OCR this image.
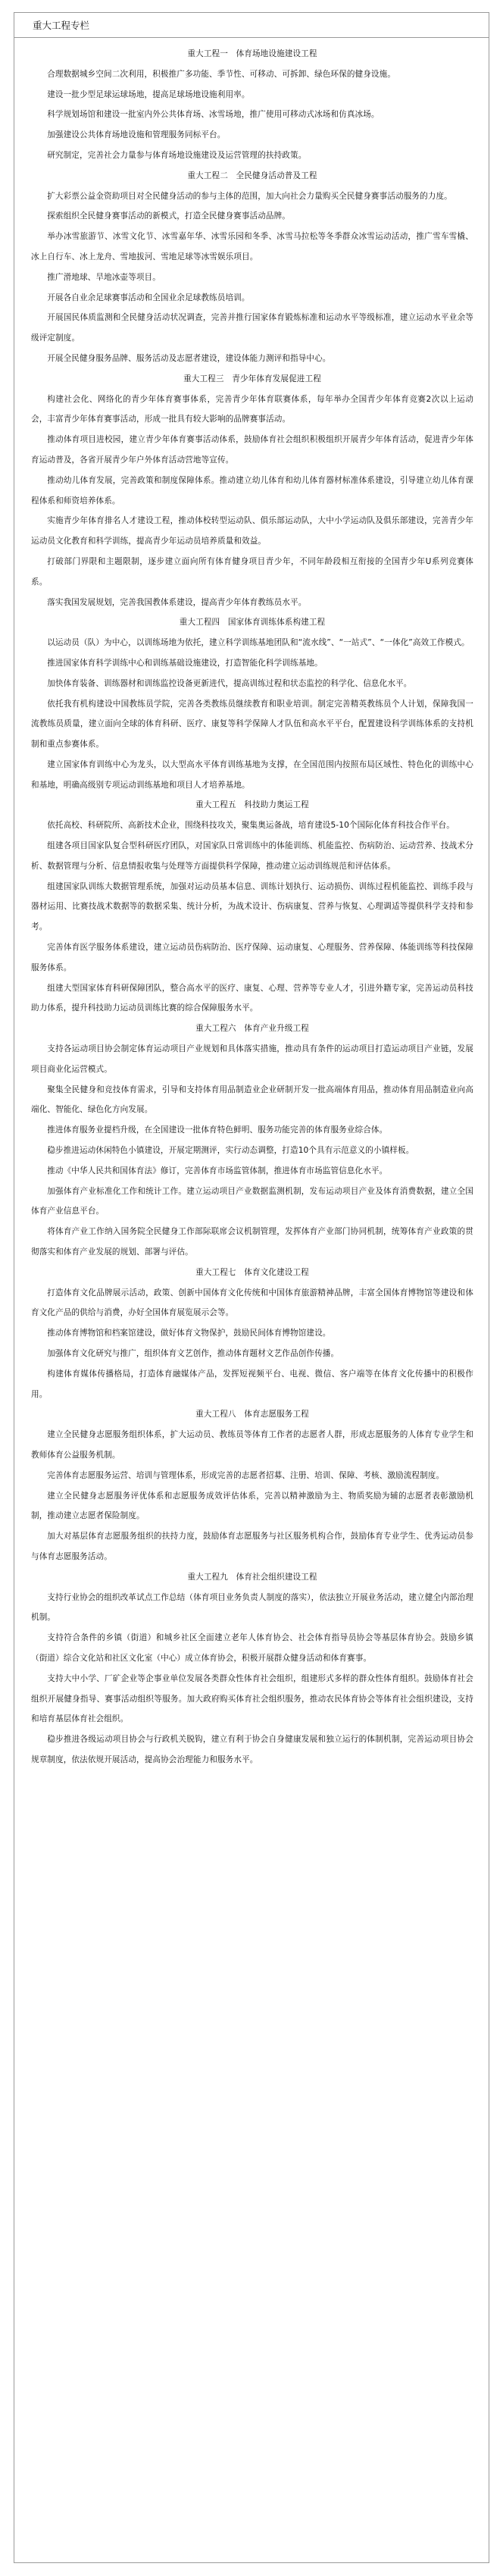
重大工程专栏

重大工程一　体育场地设施建设工程

合理数据城乡空间二次利用，积极推广多功能、季节性、可移动、可拆卸、绿色环保的健身设施。

建设一批少型足球运球场地，提高足球场地设施利用率。

科学规划场馆和建设一批室内外公共体育场、冰雪场地，推广使用可移动式冰场和仿真冰场。

加强建设公共体育场地设施和管理服务同标平台。

研究制定，完善社会力量参与体育场地设施建设及运营管理的扶持政策。

重大工程二　全民健身活动普及工程

扩大彩票公益金资助项目对全民健身活动的参与主体的范围，加大向社会力量购买全民健身赛事活动服务的力度。

探索组织全民健身赛事活动的新模式，打造全民健身赛事活动品牌。

举办冰雪旅游节、冰雪文化节、冰雪嘉年华、冰雪乐园和冬季、冰雪马拉松等冬季群众冰雪运动活动，推广雪车雪橇、冰上自行车、冰上龙舟、雪地拔河、雪地足球等冰雪娱乐项目。

推广滑地球、旱地冰壶等项目。

开展各自业余足球赛事活动和全国业余足球教练员培训。

开展国民体质监测和全民健身活动状况调查，完善并推行国家体育锻炼标准和运动水平等级标准，建立运动水平业余等级评定制度。

开展全民健身服务品牌、服务活动及志愿者建设，建设体能力测评和指导中心。

重大工程三　青少年体育发展促进工程

构建社会化、网络化的青少年体育赛事体系，完善青少年体育联赛体系，每年举办全国青少年体育竞赛2次以上运动会，丰富青少年体育赛事活动，形成一批具有较大影响的品牌赛事活动。

推动体育项目进校园，建立青少年体育赛事活动体系，鼓励体育社会组织积极组织开展青少年体育活动，促进青少年体育运动普及，各省开展青少年户外体育活动营地等宣传。

推动幼儿体育发展，完善政策和制度保障体系。推动建立幼儿体育和幼儿体育器材标准体系建设，引导建立幼儿体育课程体系和师资培养体系。

实施青少年体育排名人才建设工程，推动体校转型运动队、俱乐部运动队，大中小学运动队及俱乐部建设，完善青少年运动员文化教育和科学训练，提高青少年运动员培养质量和效益。

打破部门界限和主题限制，逐步建立面向所有体育健身项目青少年，不同年龄段相互衔接的全国青少年U系列竞赛体系。

落实我国发展规划，完善我国教体系建设，提高青少年体育教练员水平。

重大工程四　国家体育训练体系构建工程

以运动员（队）为中心，以训练场地为依托，建立科学训练基地团队和“流水线”、“一站式”、“一体化”高效工作模式。

推进国家体育科学训练中心和训练基础设施建设，打造智能化科学训练基地。

加快体育装备、训练器材和训练监控设备更新进代，提高训练过程和状态监控的科学化、信息化水平。

依托我有机构建设中国教练员学院，完善各类教练员继续教育和职业培训。制定完善精英教练员个人计划，保障我国一流教练员质量，建立面向全球的体育科研、医疗、康复等科学保障人才队伍和高水平平台，配置建设科学训练体系的支持机制和重点参赛体系。

建立国家体育训练中心为龙头，以大型高水平体育训练基地为支撑，在全国范围内按照布局区域性、特色化的训练中心和基地，明确高级别专项运动训练基地和项目人才培养基地。

重大工程五　科技助力奥运工程

依托高校、科研院所、高新技术企业，围绕科技攻关，聚集奥运备战，培育建设5-10个国际化体育科技合作平台。

组建各项目国家队复合型科研医疗团队，对国家队日常训练中的体能训练、机能监控、伤病防治、运动营养、技战术分析、数据管理与分析、信息情报收集与处理等方面提供科学保障，推动建立运动训练规范和评估体系。

组建国家队训练大数据管理系统，加强对运动员基本信息、训练计划执行、运动损伤、训练过程机能监控、训练手段与器材运用、比赛技战术数据等的数据采集、统计分析，为战术设计、伤病康复、营养与恢复、心理调适等提供科学支持和参考。

完善体育医学服务体系建设，建立运动员伤病防治、医疗保障、运动康复、心理服务、营养保障、体能训练等科技保障服务体系。

组建大型国家体育科研保障团队，整合高水平的医疗、康复、心理、营养等专业人才，引进外籍专家，完善运动员科技助力体系，提升科技助力运动员训练比赛的综合保障服务水平。

重大工程六　体育产业升级工程

支持各运动项目协会制定体育运动项目产业规划和具体落实措施，推动具有条件的运动项目打造运动项目产业链，发展项目商业化运营模式。

聚集全民健身和竞技体育需求，引导和支持体育用品制造业企业研制开发一批高端体育用品，推动体育用品制造业向高端化、智能化、绿色化方向发展。

推进体育服务业提档升级，在全国建设一批体育特色鲜明、服务功能完善的体育服务业综合体。

稳步推进运动休闲特色小镇建设，开展定期测评，实行动态调整，打造10个具有示范意义的小镇样板。

推动《中华人民共和国体育法》修订，完善体育市场监管体制，推进体育市场监管信息化水平。

加强体育产业标准化工作和统计工作。建立运动项目产业数据监测机制，发布运动项目产业及体育消费数据，建立全国体育产业信息平台。

将体育产业工作纳入国务院全民健身工作部际联席会议机制管理，发挥体育产业部门协同机制，统筹体育产业政策的贯彻落实和体育产业发展的规划、部署与评估。

重大工程七　体育文化建设工程

打造体育文化品牌展示活动，政策、创新中国体育文化传统和中国体育旅游精神品牌，丰富全国体育博物馆等建设和体育文化产品的供给与消费，办好全国体育展览展示会等。

推动体育博物馆和档案馆建设，做好体育文物保护，鼓励民间体育博物馆建设。

加强体育文化研究与推广，组织体育文艺创作，推动体育题材文艺作品创作传播。

构建体育媒体传播格局，打造体育融媒体产品，发挥短视频平台、电视、微信、客户端等在体育文化传播中的积极作用。

重大工程八　体育志愿服务工程

建立全民健身志愿服务组织体系，扩大运动员、教练员等体育工作者的志愿者人群，形成志愿服务的人体育专业学生和教师体育公益服务机制。

完善体育志愿服务运营、培训与管理体系，形成完善的志愿者招募、注册、培训、保障、考核、激励流程制度。

建立全民健身志愿服务评优体系和志愿服务成效评估体系，完善以精神激励为主、物质奖励为辅的志愿者表彰激励机制，推动建立志愿者保险制度。

加大对基层体育志愿服务组织的扶持力度，鼓励体育志愿服务与社区服务机构合作，鼓励体育专业学生、优秀运动员参与体育志愿服务活动。

重大工程九　体育社会组织建设工程

支持行业协会的组织改革试点工作总结（体育项目业务负责人制度的落实），依法独立开展业务活动，建立健全内部治理机制。

支持符合条件的乡镇（街道）和城乡社区全面建立老年人体育协会、社会体育指导员协会等基层体育协会。鼓励乡镇（街道）综合文化站和社区文化室（中心）成立体育协会，积极开展群众健身活动和体育赛事。

支持大中小学、厂矿企业等企事业单位发展各类群众性体育社会组织，组建形式多样的群众性体育组织。鼓励体育社会组织开展健身指导、赛事活动组织等服务。加大政府购买体育社会组织服务，推动农民体育协会等体育社会组织建设，支持和培育基层体育社会组织。

稳步推进各级运动项目协会与行政机关脱钩，建立有利于协会自身健康发展和独立运行的体制机制，完善运动项目协会规章制度，依法依规开展活动，提高协会治理能力和服务水平。
